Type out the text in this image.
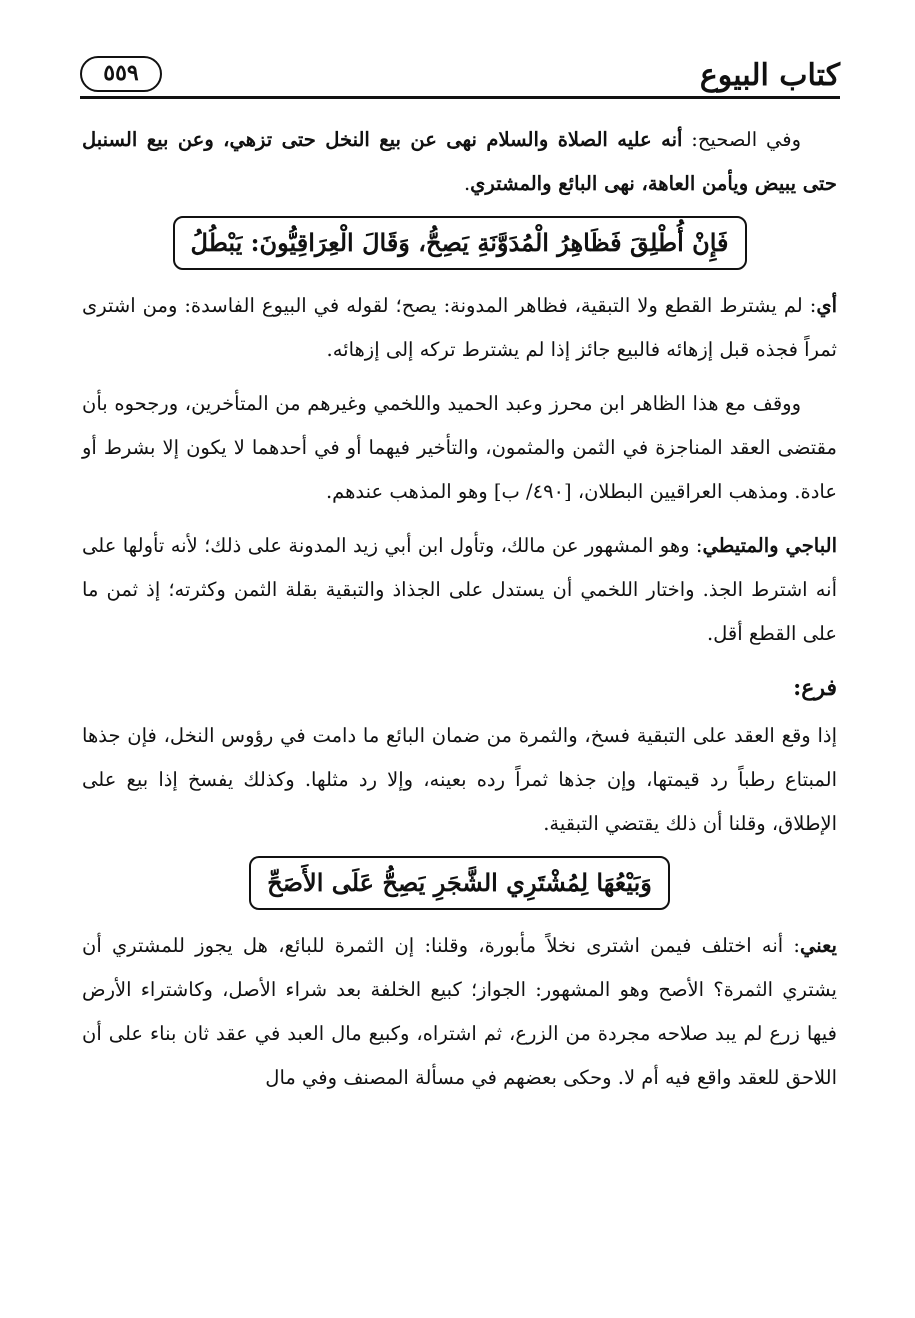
كتاب البيوع
٥٥٩

وفي الصحيح: أنه عليه الصلاة والسلام نهى عن بيع النخل حتى تزهي، وعن بيع السنبل حتى يبيض ويأمن العاهة، نهى البائع والمشتري.

فَإِنْ أُطْلِقَ فَظَاهِرُ الْمُدَوَّنَةِ يَصِحُّ، وَقَالَ الْعِرَاقِيُّونَ: يَبْطُلُ

أي: لم يشترط القطع ولا التبقية، فظاهر المدونة: يصح؛ لقوله في البيوع الفاسدة: ومن اشترى ثمراً فجذه قبل إزهائه فالبيع جائز إذا لم يشترط تركه إلى إزهائه.

ووقف مع هذا الظاهر ابن محرز وعبد الحميد واللخمي وغيرهم من المتأخرين، ورجحوه بأن مقتضى العقد المناجزة في الثمن والمثمون، والتأخير فيهما أو في أحدهما لا يكون إلا بشرط أو عادة. ومذهب العراقيين البطلان، [٤٩٠/ ب] وهو المذهب عندهم.

الباجي والمتيطي: وهو المشهور عن مالك، وتأول ابن أبي زيد المدونة على ذلك؛ لأنه تأولها على أنه اشترط الجذ. واختار اللخمي أن يستدل على الجذاذ والتبقية بقلة الثمن وكثرته؛ إذ ثمن ما على القطع أقل.

فرع:

إذا وقع العقد على التبقية فسخ، والثمرة من ضمان البائع ما دامت في رؤوس النخل، فإن جذها المبتاع رطباً رد قيمتها، وإن جذها ثمراً رده بعينه، وإلا رد مثلها. وكذلك يفسخ إذا بيع على الإطلاق، وقلنا أن ذلك يقتضي التبقية.

وَبَيْعُهَا لِمُشْتَرِي الشَّجَرِ يَصِحُّ عَلَى الأَصَحِّ

يعني: أنه اختلف فيمن اشترى نخلاً مأبورة، وقلنا: إن الثمرة للبائع، هل يجوز للمشتري أن يشتري الثمرة؟ الأصح وهو المشهور: الجواز؛ كبيع الخلفة بعد شراء الأصل، وكاشتراء الأرض فيها زرع لم يبد صلاحه مجردة من الزرع، ثم اشتراه، وكبيع مال العبد في عقد ثان بناء على أن اللاحق للعقد واقع فيه أم لا. وحكى بعضهم في مسألة المصنف وفي مال
